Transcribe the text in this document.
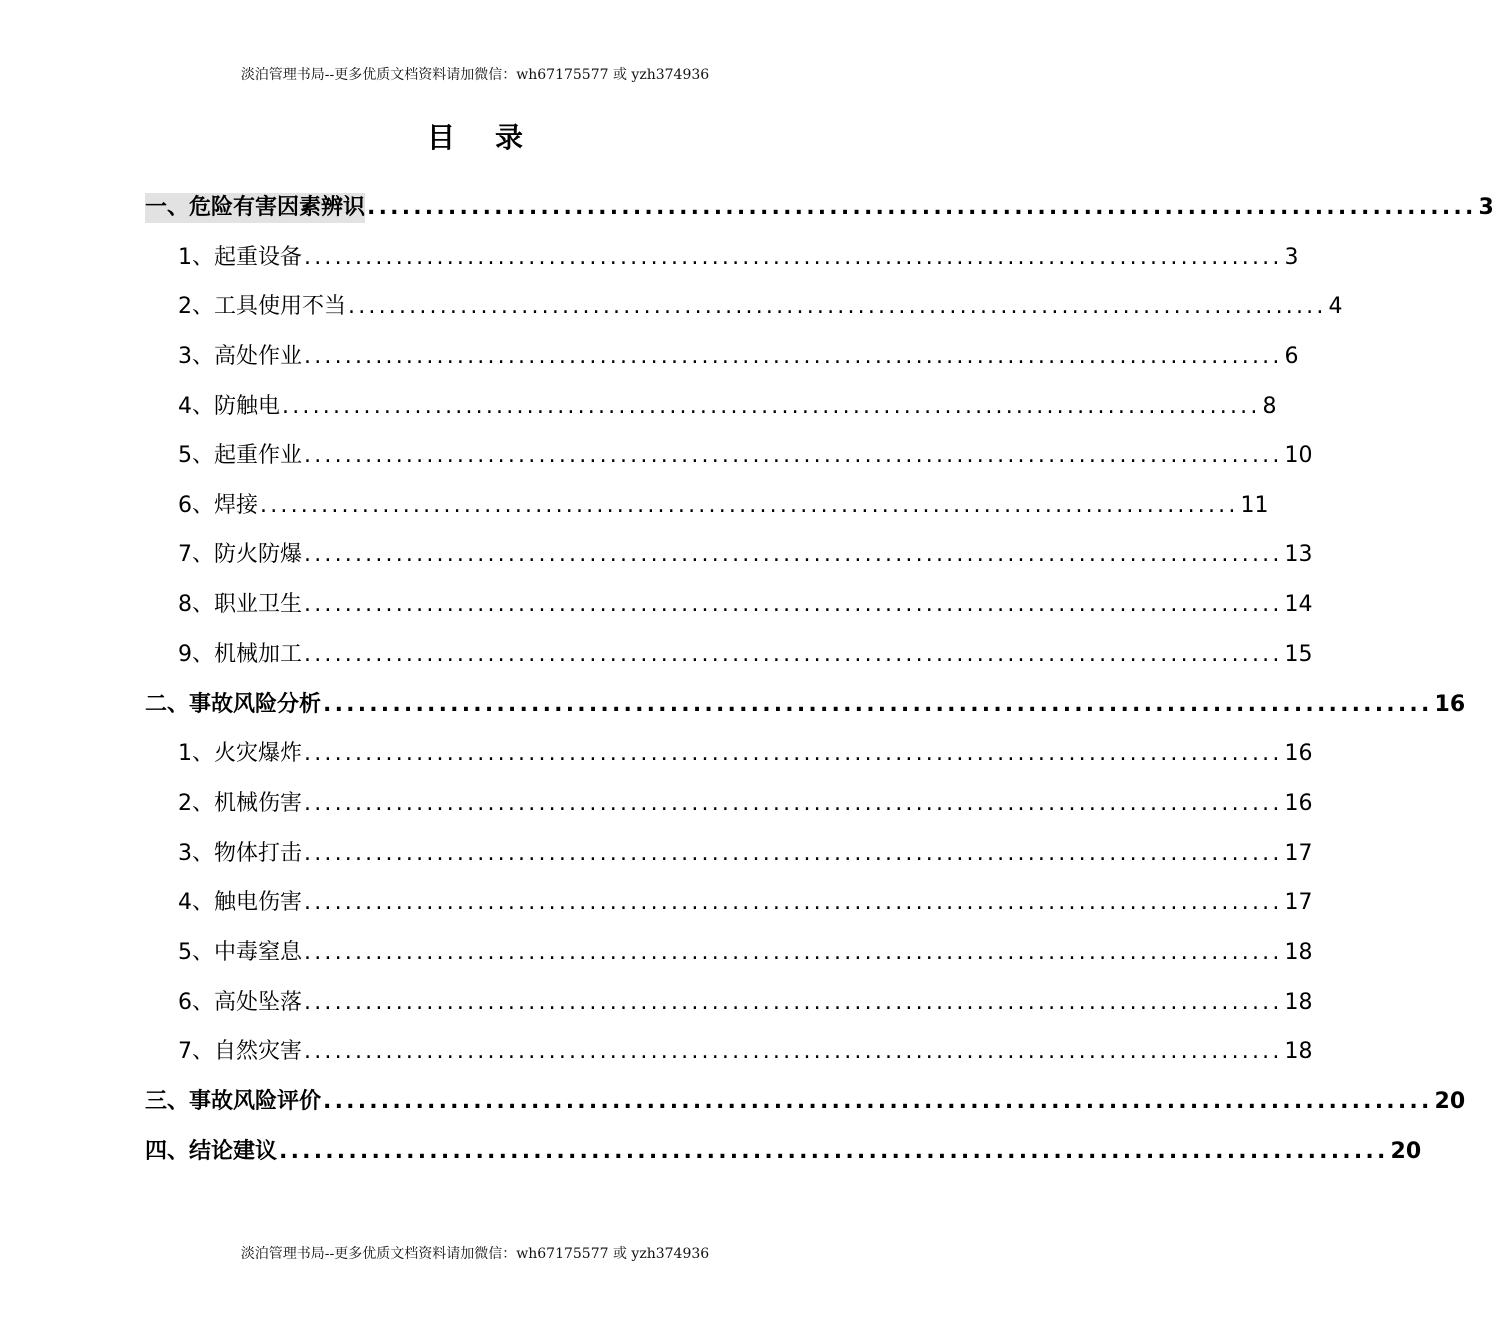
淡泊管理书局--更多优质文档资料请加微信：wh67175577 或 yzh374936
目录
一、危险有害因素辨识 ................................................................................................ 3
1、起重设备 ................................................................................................ 3
2、工具使用不当 ................................................................................................ 4
3、高处作业 ................................................................................................ 6
4、防触电 ................................................................................................ 8
5、起重作业 ................................................................................................ 10
6、焊接 ................................................................................................ 11
7、防火防爆 ................................................................................................ 13
8、职业卫生 ................................................................................................ 14
9、机械加工 ................................................................................................ 15
二、事故风险分析 ................................................................................................ 16
1、火灾爆炸 ................................................................................................ 16
2、机械伤害 ................................................................................................ 16
3、物体打击 ................................................................................................ 17
4、触电伤害 ................................................................................................ 17
5、中毒窒息 ................................................................................................ 18
6、高处坠落 ................................................................................................ 18
7、自然灾害 ................................................................................................ 18
三、事故风险评价 ................................................................................................ 20
四、结论建议 ................................................................................................ 20
淡泊管理书局--更多优质文档资料请加微信：wh67175577 或 yzh374936
